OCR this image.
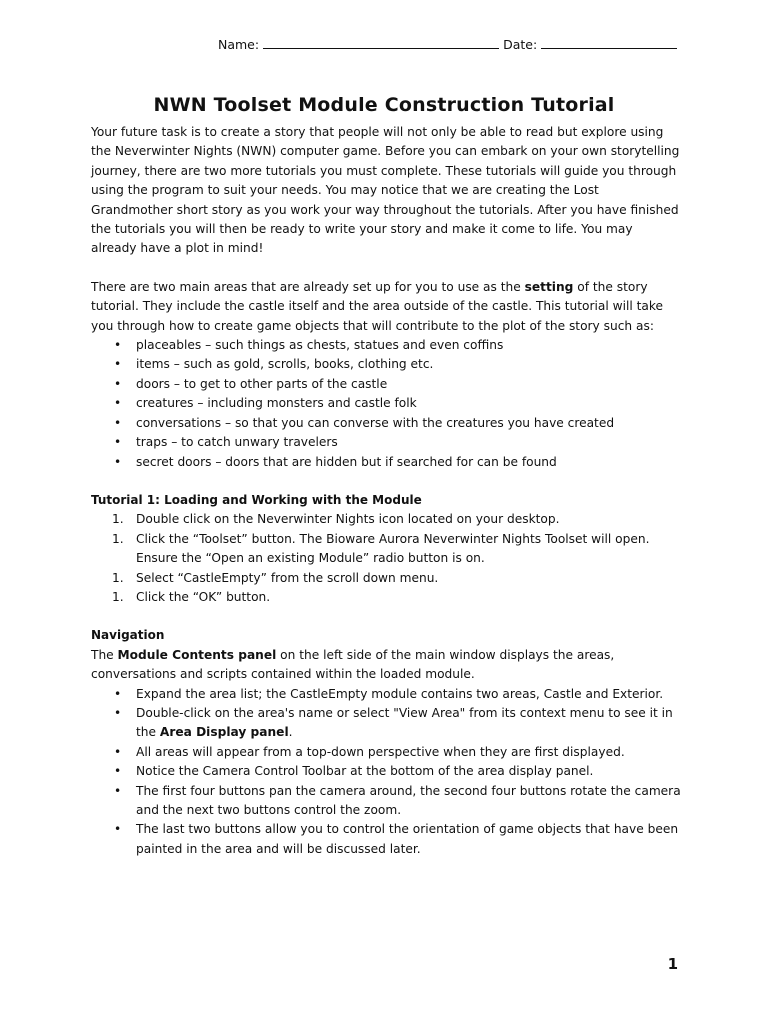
Name:	Date:
NWN Toolset Module Construction Tutorial

Your future task is to create a story that people will not only be able to read but explore using the Neverwinter Nights (NWN) computer game. Before you can embark on your own storytelling journey, there are two more tutorials you must complete. These tutorials will guide you through using the program to suit your needs. You may notice that we are creating the Lost Grandmother short story as you work your way throughout the tutorials. After you have finished the tutorials you will then be ready to write your story and make it come to life. You may already have a plot in mind!

There are two main areas that are already set up for you to use as the setting of the story tutorial. They include the castle itself and the area outside of the castle. This tutorial will take you through how to create game objects that will contribute to the plot of the story such as:

• placeables – such things as chests, statues and even coffins
• items – such as gold, scrolls, books, clothing etc.
• doors – to get to other parts of the castle
• creatures – including monsters and castle folk
• conversations – so that you can converse with the creatures you have created
• traps – to catch unwary travelers
• secret doors – doors that are hidden but if searched for can be found
Tutorial 1: Loading and Working with the Module
1. Double click on the Neverwinter Nights icon located on your desktop.
1. Click the “Toolset” button. The Bioware Aurora Neverwinter Nights Toolset will open. Ensure the “Open an existing Module” radio button is on.
1. Select “CastleEmpty” from the scroll down menu.
1. Click the “OK” button.
Navigation

The Module Contents panel on the left side of the main window displays the areas, conversations and scripts contained within the loaded module.

• Expand the area list; the CastleEmpty module contains two areas, Castle and Exterior.
• Double-click on the area's name or select "View Area" from its context menu to see it in the Area Display panel.
• All areas will appear from a top-down perspective when they are first displayed.
• Notice the Camera Control Toolbar at the bottom of the area display panel.
• The first four buttons pan the camera around, the second four buttons rotate the camera and the next two buttons control the zoom.
• The last two buttons allow you to control the orientation of game objects that have been painted in the area and will be discussed later.
1
